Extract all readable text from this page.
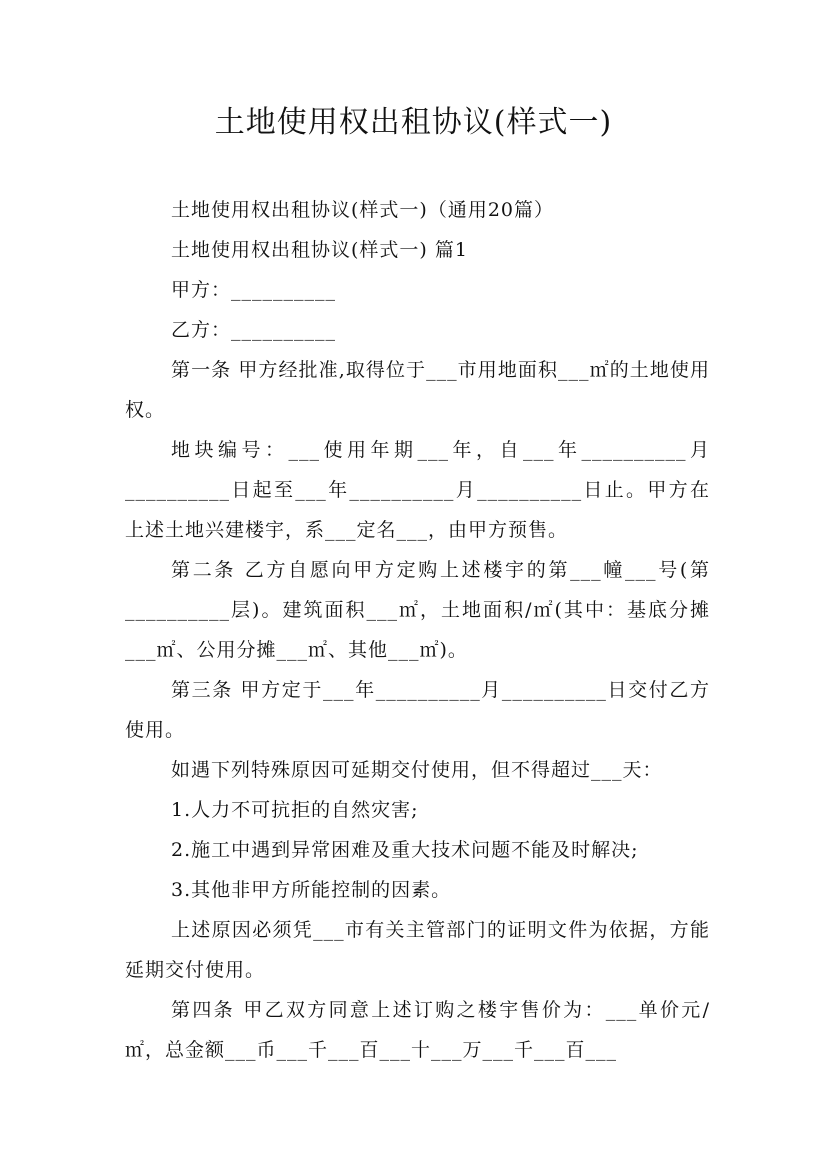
土地使用权出租协议(样式一)

土地使用权出租协议(样式一)（通用20篇）

土地使用权出租协议(样式一) 篇1

甲方：__________

乙方：__________

第一条 甲方经批准,取得位于___市用地面积___㎡的土地使用权。

地块编号：___使用年期___年，自___年__________月__________日起至___年__________月__________日止。甲方在上述土地兴建楼宇，系___定名___，由甲方预售。

第二条 乙方自愿向甲方定购上述楼宇的第___幢___号(第__________层)。建筑面积___㎡，土地面积/㎡(其中：基底分摊___㎡、公用分摊___㎡、其他___㎡)。

第三条 甲方定于___年__________月__________日交付乙方使用。

如遇下列特殊原因可延期交付使用，但不得超过___天：

1.人力不可抗拒的自然灾害;

2.施工中遇到异常困难及重大技术问题不能及时解决;

3.其他非甲方所能控制的因素。

上述原因必须凭___市有关主管部门的证明文件为依据，方能延期交付使用。

第四条 甲乙双方同意上述订购之楼宇售价为：___单价元/㎡，总金额___币___千___百___十___万___千___百___
